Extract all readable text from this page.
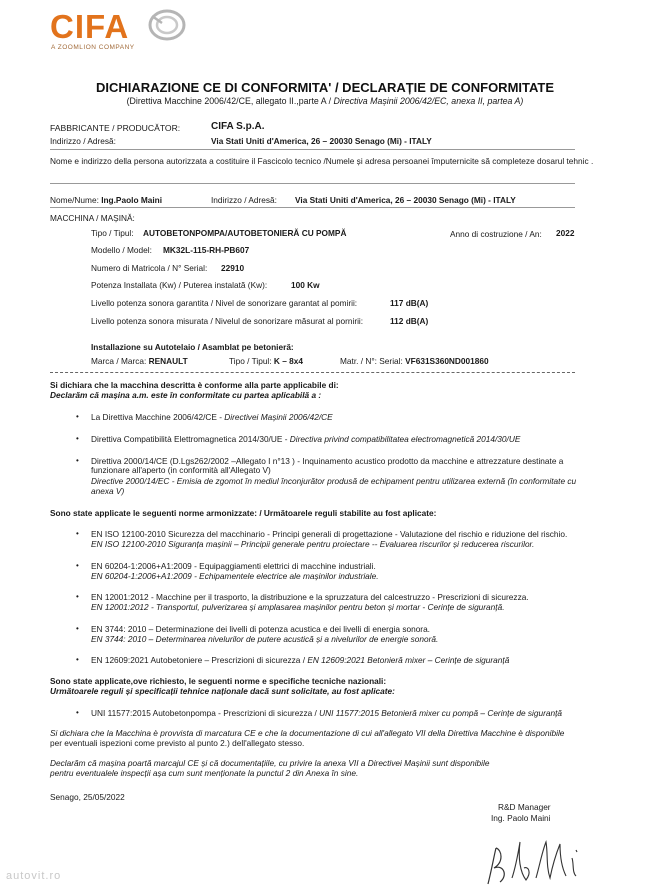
CIFA
A ZOOMLION COMPANY
DICHIARAZIONE CE DI CONFORMITA' / DECLARAȚIE DE CONFORMITATE
(Direttiva Macchine 2006/42/CE, allegato II.,parte A / Directiva Mașinii 2006/42/EC, anexa II, partea A)
FABBRICANTE / PRODUCĂTOR:	CIFA S.p.A.
Indirizzo / Adresă:	Via Stati Uniti d'America, 26 – 20030 Senago (Mi) - ITALY
Nome e indirizzo della persona autorizzata a costituire il Fascicolo tecnico /Numele și adresa persoanei împuternicite să completeze dosarul tehnic .
Nome/Nume: Ing.Paolo Maini	Indirizzo / Adresă: Via Stati Uniti d'America, 26 – 20030 Senago (Mi) - ITALY
MACCHINA / MAȘINĂ:
Tipo / Tipul: AUTOBETONPOMPA/AUTOBETONIERĂ CU POMPĂ	Anno di costruzione / An: 2022
Modello / Model: MK32L-115-RH-PB607
Numero di Matricola / N° Serial: 22910
Potenza Installata (Kw) / Puterea instalată (Kw):	100 Kw
Livello potenza sonora garantita / Nivel de sonorizare garantat al pomirii:	117 dB(A)
Livello potenza sonora misurata / Nivelul de sonorizare măsurat al pornirii:	112 dB(A)
Installazione su Autotelaio / Asamblat pe betonieră:
Marca / Marca: RENAULT	Tipo / Tipul: K – 8x4	Matr. / N°: Serial: VF631S360ND001860
Si dichiara che la macchina descritta è conforme alla parte applicabile di:
Declarăm că mașina a.m. este în conformitate cu partea aplicabilă a :
• La Direttiva Macchine 2006/42/CE - Directivei Mașinii 2006/42/CE
• Direttiva Compatibilità Elettromagnetica 2014/30/UE - Directiva privind compatibilitatea electromagnetică 2014/30/UE
• Direttiva 2000/14/CE (D.Lgs262/2002 –Allegato I n°13 ) - Inquinamento acustico prodotto da macchine e attrezzature destinate a
funzionare all'aperto (in conformità all'Allegato V)
Directive 2000/14/EC - Emisia de zgomot în mediul înconjurător produsă de echipament pentru utilizarea externă (în conformitate cu
anexa V)
Sono state applicate le seguenti norme armonizzate: / Următoarele reguli stabilite au fost aplicate:
• EN ISO 12100-2010 Sicurezza del macchinario - Principi generali di progettazione - Valutazione del rischio e riduzione del rischio.
EN ISO 12100-2010 Siguranța mașinii – Principii generale pentru proiectare -- Evaluarea riscurilor și reducerea riscurilor.
• EN 60204-1:2006+A1:2009 - Equipaggiamenti elettrici di macchine industriali.
EN 60204-1:2006+A1:2009 - Echipamentele electrice ale mașinilor industriale.
• EN 12001:2012 - Macchine per il trasporto, la distribuzione e la spruzzatura del calcestruzzo - Prescrizioni di sicurezza.
EN 12001:2012 - Transportul, pulverizarea și amplasarea mașinilor pentru beton și mortar - Cerințe de siguranță.
• EN 3744: 2010 – Determinazione dei livelli di potenza acustica e dei livelli di energia sonora.
EN 3744: 2010 – Determinarea nivelurilor de putere acustică și a nivelurilor de energie sonoră.
• EN 12609:2021 Autobetoniere – Prescrizioni di sicurezza / EN 12609:2021 Betonieră mixer – Cerințe de siguranță
Sono state applicate,ove richiesto, le seguenti norme e specifiche tecniche nazionali:
Următoarele reguli și specificații tehnice naționale dacă sunt solicitate, au fost aplicate:
• UNI 11577:2015 Autobetonpompa - Prescrizioni di sicurezza / UNI 11577:2015 Betonieră mixer cu pompă – Cerințe de siguranță
Si dichiara che la Macchina è provvista di marcatura CE e che la documentazione di cui all'allegato VII della Direttiva Macchine è disponibile
per eventuali ispezioni come previsto al punto 2.) dell'allegato stesso.
Declarăm că mașina poartă marcajul CE și că documentațiile, cu privire la anexa VII a Directivei Mașinii sunt disponibile
pentru eventualele inspecții așa cum sunt menționate la punctul 2 din Anexa în sine.
Senago, 25/05/2022
R&D Manager
Ing. Paolo Maini
autovit.ro
